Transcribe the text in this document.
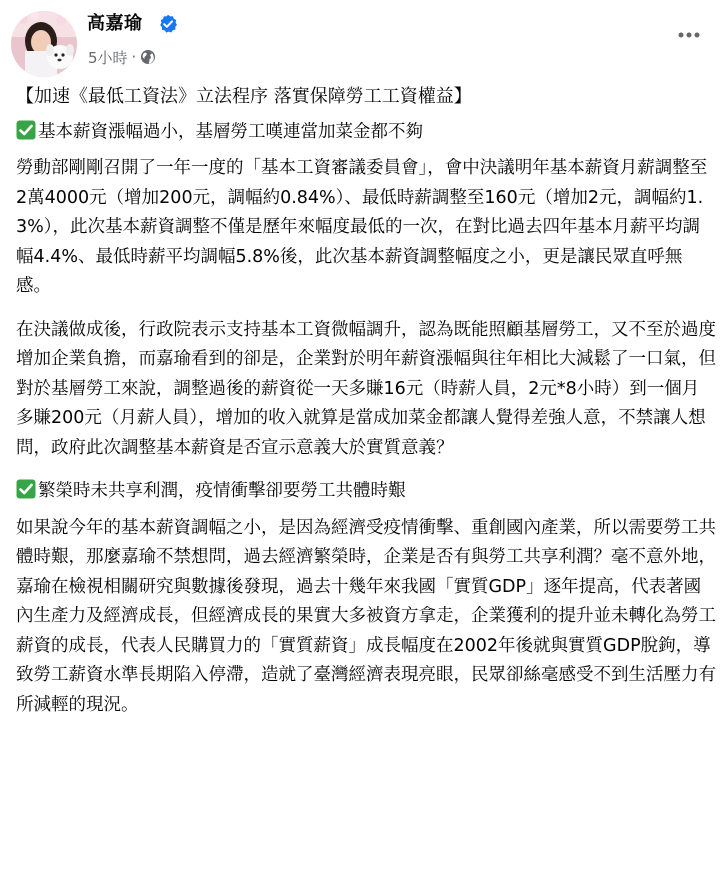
高嘉瑜
5小時 ·

【加速《最低工資法》立法程序 落實保障勞工工資權益】

基本薪資漲幅過小，基層勞工嘆連當加菜金都不夠

勞動部剛剛召開了一年一度的「基本工資審議委員會」，會中決議明年基本薪資月薪調整至2萬4000元（增加200元，調幅約0.84%）、最低時薪調整至160元（增加2元，調幅約1.3%），此次基本薪資調整不僅是歷年來幅度最低的一次，在對比過去四年基本月薪平均調幅4.4%、最低時薪平均調幅5.8%後，此次基本薪資調整幅度之小，更是讓民眾直呼無感。

在決議做成後，行政院表示支持基本工資微幅調升，認為既能照顧基層勞工，又不至於過度增加企業負擔，而嘉瑜看到的卻是，企業對於明年薪資漲幅與往年相比大減鬆了一口氣，但對於基層勞工來說，調整過後的薪資從一天多賺16元（時薪人員，2元*8小時）到一個月多賺200元（月薪人員），增加的收入就算是當成加菜金都讓人覺得差強人意，不禁讓人想問，政府此次調整基本薪資是否宣示意義大於實質意義？

繁榮時未共享利潤，疫情衝擊卻要勞工共體時艱

如果說今年的基本薪資調幅之小，是因為經濟受疫情衝擊、重創國內產業，所以需要勞工共體時艱，那麼嘉瑜不禁想問，過去經濟繁榮時，企業是否有與勞工共享利潤？毫不意外地，嘉瑜在檢視相關研究與數據後發現，過去十幾年來我國「實質GDP」逐年提高，代表著國內生產力及經濟成長，但經濟成長的果實大多被資方拿走，企業獲利的提升並未轉化為勞工薪資的成長，代表人民購買力的「實質薪資」成長幅度在2002年後就與實質GDP脫鉤，導致勞工薪資水準長期陷入停滯，造就了臺灣經濟表現亮眼，民眾卻絲毫感受不到生活壓力有所減輕的現況。
